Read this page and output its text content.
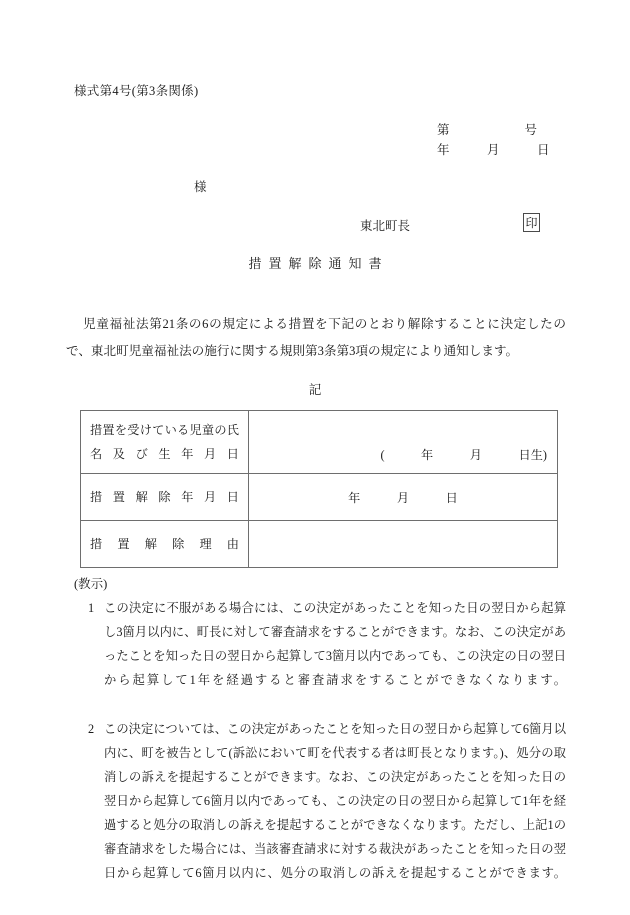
様式第4号(第3条関係)
第　　　　　　号
年　　　月　　　日
様
東北町長	印
措置解除通知書
児童福祉法第21条の6の規定による措置を下記のとおり解除することに決定したので、東北町児童福祉法の施行に関する規則第3条第3項の規定により通知します。
記
措置を受けている児童の氏名及び生年月日	(　　　年　　　月　　　日生)

措置解除年月日	年　　　月　　　日

措置解除理由	

(教示)
1 この決定に不服がある場合には、この決定があったことを知った日の翌日から起算し3箇月以内に、町長に対して審査請求をすることができます。なお、この決定があったことを知った日の翌日から起算して3箇月以内であっても、この決定の日の翌日から起算して1年を経過すると審査請求をすることができなくなります。
2 この決定については、この決定があったことを知った日の翌日から起算して6箇月以内に、町を被告として(訴訟において町を代表する者は町長となります。)、処分の取消しの訴えを提起することができます。なお、この決定があったことを知った日の翌日から起算して6箇月以内であっても、この決定の日の翌日から起算して1年を経過すると処分の取消しの訴えを提起することができなくなります。ただし、上記1の審査請求をした場合には、当該審査請求に対する裁決があったことを知った日の翌日から起算して6箇月以内に、処分の取消しの訴えを提起することができます。
